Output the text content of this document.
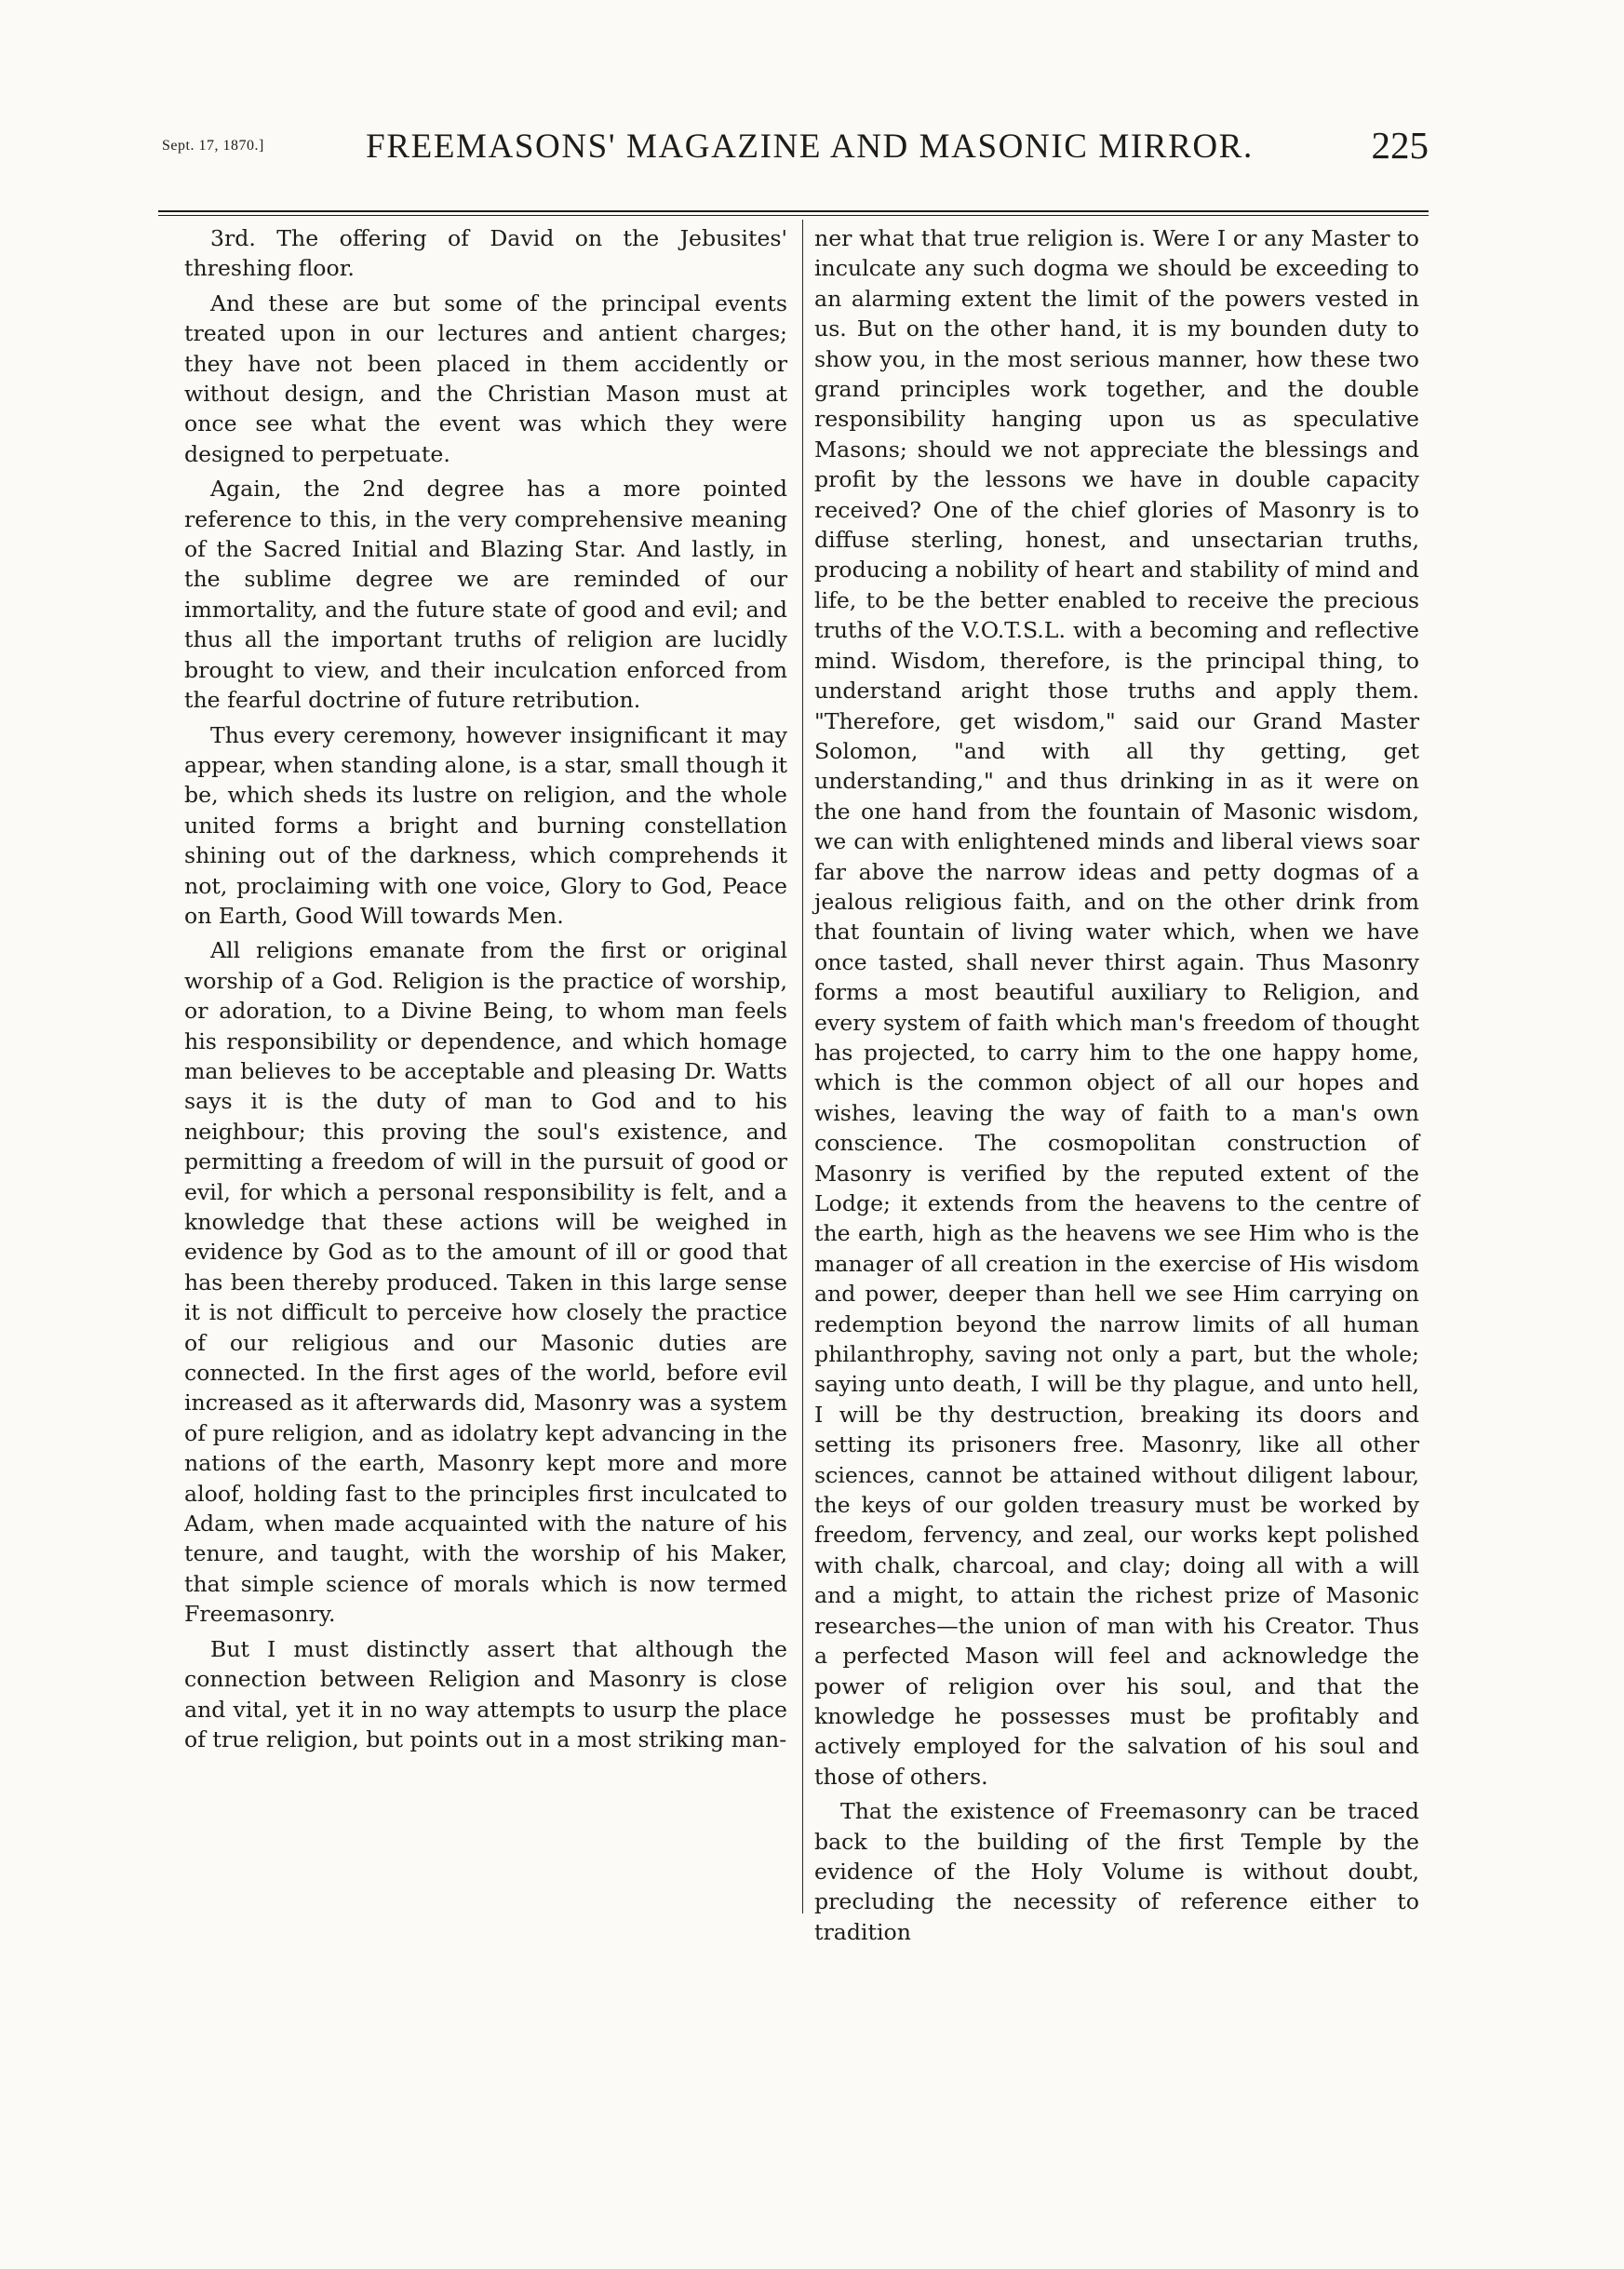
Sept. 17, 1870.]	FREEMASONS' MAGAZINE AND MASONIC MIRROR.	225

3rd. The offering of David on the Jebusites' threshing floor.

And these are but some of the principal events treated upon in our lectures and antient charges; they have not been placed in them accidently or without design, and the Christian Mason must at once see what the event was which they were designed to perpetuate.

Again, the 2nd degree has a more pointed reference to this, in the very comprehensive meaning of the Sacred Initial and Blazing Star. And lastly, in the sublime degree we are reminded of our immortality, and the future state of good and evil; and thus all the important truths of religion are lucidly brought to view, and their inculcation enforced from the fearful doctrine of future retribution.

Thus every ceremony, however insignificant it may appear, when standing alone, is a star, small though it be, which sheds its lustre on religion, and the whole united forms a bright and burning constellation shining out of the darkness, which comprehends it not, proclaiming with one voice, Glory to God, Peace on Earth, Good Will towards Men.

All religions emanate from the first or original worship of a God. Religion is the practice of worship, or adoration, to a Divine Being, to whom man feels his responsibility or dependence, and which homage man believes to be acceptable and pleasing Dr. Watts says it is the duty of man to God and to his neighbour; this proving the soul's existence, and permitting a freedom of will in the pursuit of good or evil, for which a personal responsibility is felt, and a knowledge that these actions will be weighed in evidence by God as to the amount of ill or good that has been thereby produced. Taken in this large sense it is not difficult to perceive how closely the practice of our religious and our Masonic duties are connected. In the first ages of the world, before evil increased as it afterwards did, Masonry was a system of pure religion, and as idolatry kept advancing in the nations of the earth, Masonry kept more and more aloof, holding fast to the principles first inculcated to Adam, when made acquainted with the nature of his tenure, and taught, with the worship of his Maker, that simple science of morals which is now termed Freemasonry.

But I must distinctly assert that although the connection between Religion and Masonry is close and vital, yet it in no way attempts to usurp the place of true religion, but points out in a most striking man-

ner what that true religion is. Were I or any Master to inculcate any such dogma we should be exceeding to an alarming extent the limit of the powers vested in us. But on the other hand, it is my bounden duty to show you, in the most serious manner, how these two grand principles work together, and the double responsibility hanging upon us as speculative Masons; should we not appreciate the blessings and profit by the lessons we have in double capacity received? One of the chief glories of Masonry is to diffuse sterling, honest, and unsectarian truths, producing a nobility of heart and stability of mind and life, to be the better enabled to receive the precious truths of the V.O.T.S.L. with a becoming and reflective mind. Wisdom, therefore, is the principal thing, to understand aright those truths and apply them. "Therefore, get wisdom," said our Grand Master Solomon, "and with all thy getting, get understanding," and thus drinking in as it were on the one hand from the fountain of Masonic wisdom, we can with enlightened minds and liberal views soar far above the narrow ideas and petty dogmas of a jealous religious faith, and on the other drink from that fountain of living water which, when we have once tasted, shall never thirst again. Thus Masonry forms a most beautiful auxiliary to Religion, and every system of faith which man's freedom of thought has projected, to carry him to the one happy home, which is the common object of all our hopes and wishes, leaving the way of faith to a man's own conscience. The cosmopolitan construction of Masonry is verified by the reputed extent of the Lodge; it extends from the heavens to the centre of the earth, high as the heavens we see Him who is the manager of all creation in the exercise of His wisdom and power, deeper than hell we see Him carrying on redemption beyond the narrow limits of all human philanthrophy, saving not only a part, but the whole; saying unto death, I will be thy plague, and unto hell, I will be thy destruction, breaking its doors and setting its prisoners free. Masonry, like all other sciences, cannot be attained without diligent labour, the keys of our golden treasury must be worked by freedom, fervency, and zeal, our works kept polished with chalk, charcoal, and clay; doing all with a will and a might, to attain the richest prize of Masonic researches—the union of man with his Creator. Thus a perfected Mason will feel and acknowledge the power of religion over his soul, and that the knowledge he possesses must be profitably and actively employed for the salvation of his soul and those of others.

That the existence of Freemasonry can be traced back to the building of the first Temple by the evidence of the Holy Volume is without doubt, precluding the necessity of reference either to tradition
